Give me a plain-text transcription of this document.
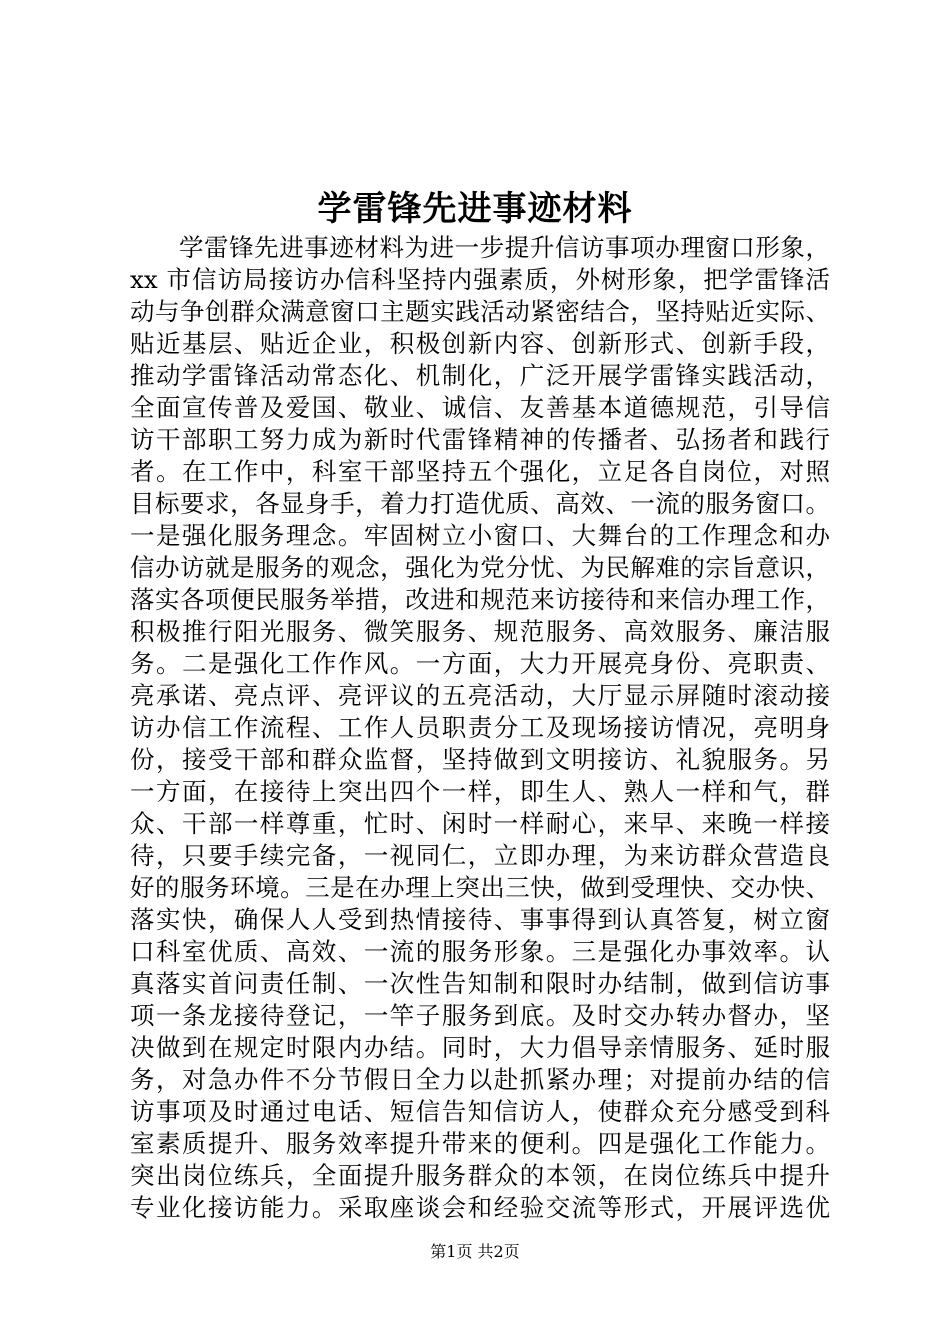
学雷锋先进事迹材料
学雷锋先进事迹材料为进一步提升信访事项办理窗口形象，
xx 市信访局接访办信科坚持内强素质，外树形象，把学雷锋活
动与争创群众满意窗口主题实践活动紧密结合，坚持贴近实际、
贴近基层、贴近企业，积极创新内容、创新形式、创新手段，
推动学雷锋活动常态化、机制化，广泛开展学雷锋实践活动，
全面宣传普及爱国、敬业、诚信、友善基本道德规范，引导信
访干部职工努力成为新时代雷锋精神的传播者、弘扬者和践行
者。在工作中，科室干部坚持五个强化，立足各自岗位，对照
目标要求，各显身手，着力打造优质、高效、一流的服务窗口。
一是强化服务理念。牢固树立小窗口、大舞台的工作理念和办
信办访就是服务的观念，强化为党分忧、为民解难的宗旨意识，
落实各项便民服务举措，改进和规范来访接待和来信办理工作，
积极推行阳光服务、微笑服务、规范服务、高效服务、廉洁服
务。二是强化工作作风。一方面，大力开展亮身份、亮职责、
亮承诺、亮点评、亮评议的五亮活动，大厅显示屏随时滚动接
访办信工作流程、工作人员职责分工及现场接访情况，亮明身
份，接受干部和群众监督，坚持做到文明接访、礼貌服务。另
一方面，在接待上突出四个一样，即生人、熟人一样和气，群
众、干部一样尊重，忙时、闲时一样耐心，来早、来晚一样接
待，只要手续完备，一视同仁，立即办理，为来访群众营造良
好的服务环境。三是在办理上突出三快，做到受理快、交办快、
落实快，确保人人受到热情接待、事事得到认真答复，树立窗
口科室优质、高效、一流的服务形象。三是强化办事效率。认
真落实首问责任制、一次性告知制和限时办结制，做到信访事
项一条龙接待登记，一竿子服务到底。及时交办转办督办，坚
决做到在规定时限内办结。同时，大力倡导亲情服务、延时服
务，对急办件不分节假日全力以赴抓紧办理；对提前办结的信
访事项及时通过电话、短信告知信访人，使群众充分感受到科
室素质提升、服务效率提升带来的便利。四是强化工作能力。
突出岗位练兵，全面提升服务群众的本领，在岗位练兵中提升
专业化接访能力。采取座谈会和经验交流等形式，开展评选优
第1页 共2页
